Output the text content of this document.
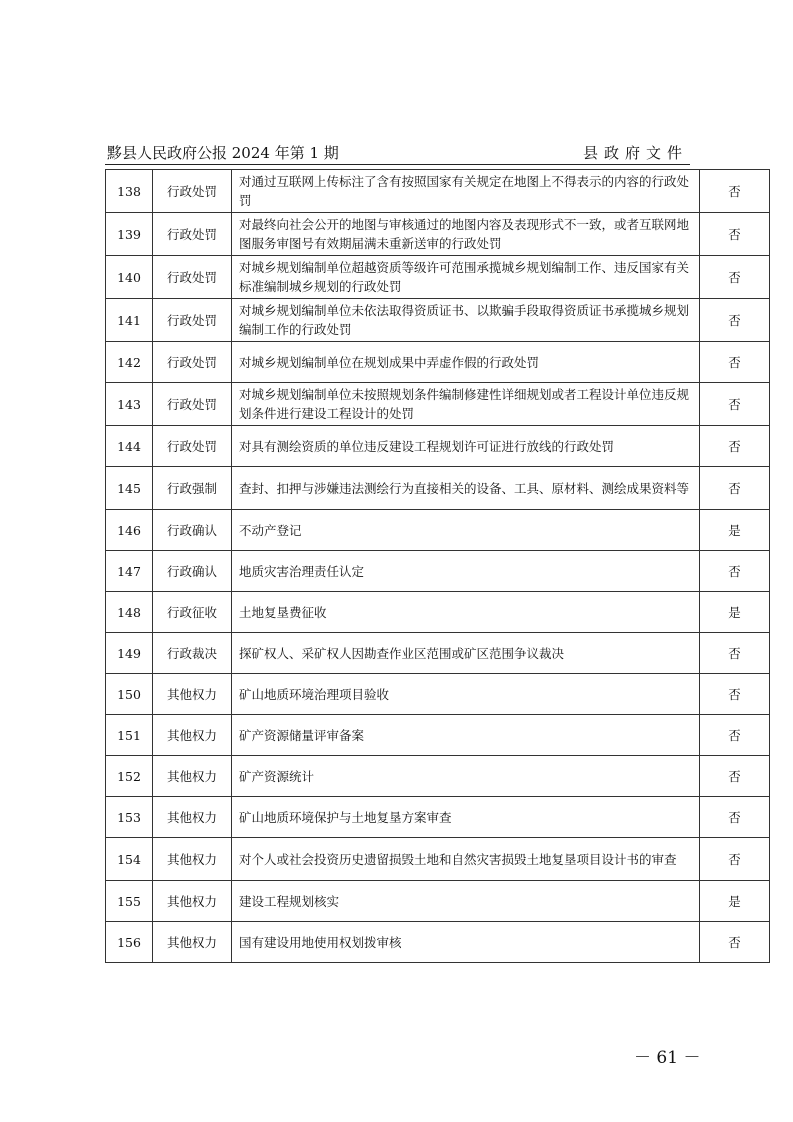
黟县人民政府公报 2024 年第 1 期	县政府文件
138	行政处罚	对通过互联网上传标注了含有按照国家有关规定在地图上不得表示的内容的行政处罚	否
139	行政处罚	对最终向社会公开的地图与审核通过的地图内容及表现形式不一致，或者互联网地图服务审图号有效期届满未重新送审的行政处罚	否
140	行政处罚	对城乡规划编制单位超越资质等级许可范围承揽城乡规划编制工作、违反国家有关标准编制城乡规划的行政处罚	否
141	行政处罚	对城乡规划编制单位未依法取得资质证书、以欺骗手段取得资质证书承揽城乡规划编制工作的行政处罚	否
142	行政处罚	对城乡规划编制单位在规划成果中弄虚作假的行政处罚	否
143	行政处罚	对城乡规划编制单位未按照规划条件编制修建性详细规划或者工程设计单位违反规划条件进行建设工程设计的处罚	否
144	行政处罚	对具有测绘资质的单位违反建设工程规划许可证进行放线的行政处罚	否
145	行政强制	查封、扣押与涉嫌违法测绘行为直接相关的设备、工具、原材料、测绘成果资料等	否
146	行政确认	不动产登记	是
147	行政确认	地质灾害治理责任认定	否
148	行政征收	土地复垦费征收	是
149	行政裁决	探矿权人、采矿权人因勘查作业区范围或矿区范围争议裁决	否
150	其他权力	矿山地质环境治理项目验收	否
151	其他权力	矿产资源储量评审备案	否
152	其他权力	矿产资源统计	否
153	其他权力	矿山地质环境保护与土地复垦方案审查	否
154	其他权力	对个人或社会投资历史遗留损毁土地和自然灾害损毁土地复垦项目设计书的审查	否
155	其他权力	建设工程规划核实	是
156	其他权力	国有建设用地使用权划拨审核	否
－ 61 －
